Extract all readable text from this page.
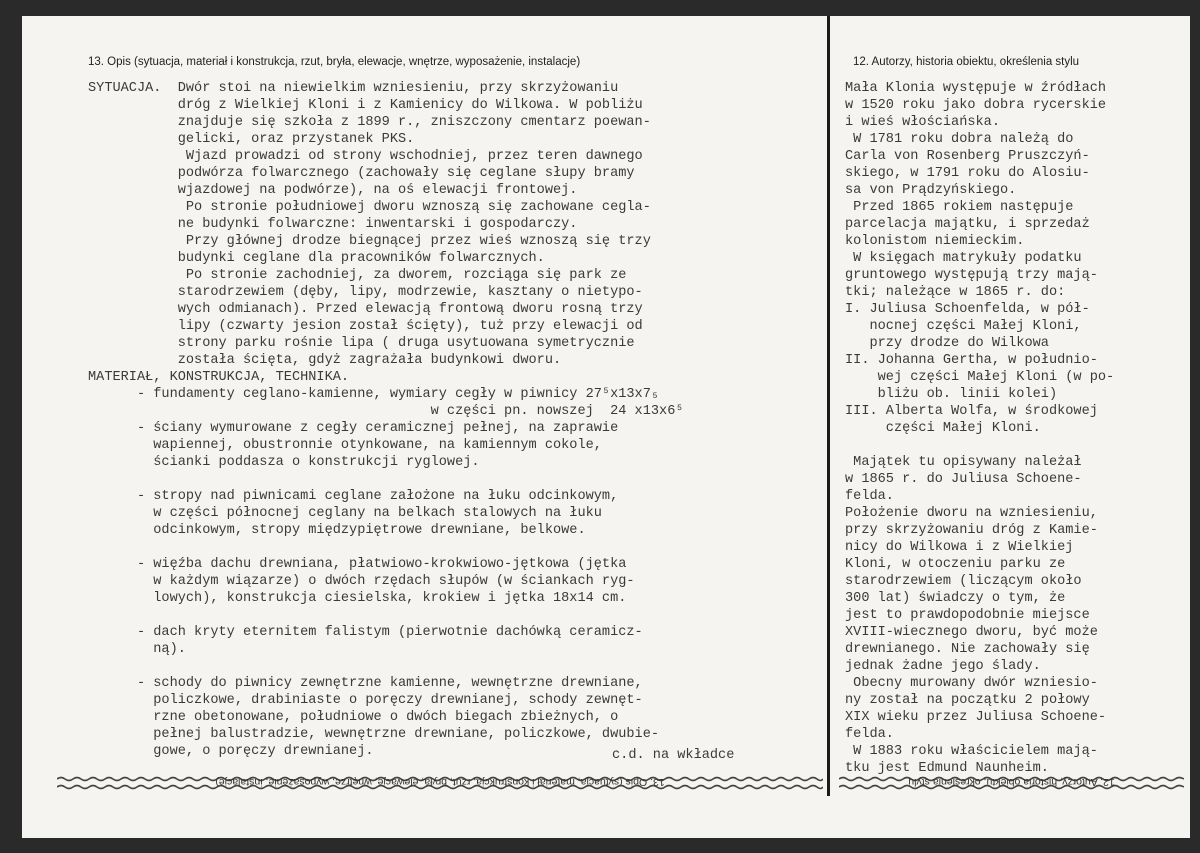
13. Opis (sytuacja, materiał i konstrukcja, rzut, bryła, elewacje, wnętrze, wyposażenie, instalacje)	12. Autorzy, historia obiektu, określenia stylu
SYTUACJA.  Dwór stoi na niewielkim wzniesieniu, przy skrzyżowaniu
dróg z Wielkiej Kloni i z Kamienicy do Wilkowa. W pobliżu
znajduje się szkoła z 1899 r., zniszczony cmentarz poewan-
gelicki, oraz przystanek PKS.
Wjazd prowadzi od strony wschodniej, przez teren dawnego
podwórza folwarcznego (zachowały się ceglane słupy bramy
wjazdowej na podwórze), na oś elewacji frontowej.
Po stronie południowej dworu wznoszą się zachowane cegla-
ne budynki folwarczne: inwentarski i gospodarczy.
Przy głównej drodze biegnącej przez wieś wznoszą się trzy
budynki ceglane dla pracowników folwarcznych.
Po stronie zachodniej, za dworem, rozciąga się park ze
starodrzewiem (dęby, lipy, modrzewie, kasztany o nietypo-
wych odmianach). Przed elewacją frontową dworu rosną trzy
lipy (czwarty jesion został ścięty), tuż przy elewacji od
strony parku rośnie lipa ( druga usytuowana symetrycznie
została ścięta, gdyż zagrażała budynkowi dworu.
MATERIAŁ, KONSTRUKCJA, TECHNIKA.
- fundamenty ceglano-kamienne, wymiary cegły w piwnicy 27⁵x13x7₅
w części pn. nowszej  24 x13x6⁵
- ściany wymurowane z cegły ceramicznej pełnej, na zaprawie
wapiennej, obustronnie otynkowane, na kamiennym cokole,
ścianki poddasza o konstrukcji ryglowej.

- stropy nad piwnicami ceglane założone na łuku odcinkowym,
w części północnej ceglany na belkach stalowych na łuku
odcinkowym, stropy międzypiętrowe drewniane, belkowe.

- więźba dachu drewniana, płatwiowo-krokwiowo-jętkowa (jętka
w każdym wiązarze) o dwóch rzędach słupów (w ściankach ryg-
lowych), konstrukcja ciesielska, krokiew i jętka 18x14 cm.

- dach kryty eternitem falistym (pierwotnie dachówką ceramicz-
ną).

- schody do piwnicy zewnętrzne kamienne, wewnętrzne drewniane,
policzkowe, drabiniaste o poręczy drewnianej, schody zewnęt-
rzne obetonowane, południowe o dwóch biegach zbieżnych, o
pełnej balustradzie, wewnętrzne drewniane, policzkowe, dwubie-
gowe, o poręczy drewnianej.	c.d. na wkładce
Mała Klonia występuje w źródłach
w 1520 roku jako dobra rycerskie
i wieś włościańska.
W 1781 roku dobra należą do
Carla von Rosenberg Pruszczyń-
skiego, w 1791 roku do Alosiu-
sa von Prądzyńskiego.
Przed 1865 rokiem następuje
parcelacja majątku, i sprzedaż
kolonistom niemieckim.
W księgach matrykuły podatku
gruntowego występują trzy mają-
tki; należące w 1865 r. do:
I. Juliusa Schoenfelda, w pół-
nocnej części Małej Kloni,
przy drodze do Wilkowa
II. Johanna Gertha, w południo-
wej części Małej Kloni (w po-
bliżu ob. linii kolei)
III. Alberta Wolfa, w środkowej
części Małej Kloni.

Majątek tu opisywany należał
w 1865 r. do Juliusa Schoene-
felda.
Położenie dworu na wzniesieniu,
przy skrzyżowaniu dróg z Kamie-
nicy do Wilkowa i z Wielkiej
Kloni, w otoczeniu parku ze
starodrzewiem (liczącym około
300 lat) świadczy o tym, że
jest to prawdopodobnie miejsce
XVIII-wiecznego dworu, być może
drewnianego. Nie zachowały się
jednak żadne jego ślady.
Obecny murowany dwór wzniesio-
ny został na początku 2 połowy
XIX wieku przez Juliusa Schoene-
felda.
W 1883 roku właścicielem mają-
tku jest Edmund Naunheim.
13. Opis (sytuacja, materiał i konstrukcja, rzut, bryła, elewacje, wnętrze, wyposażenie, instalacje)	12. Autorzy, historia obiektu, określenia stylu
